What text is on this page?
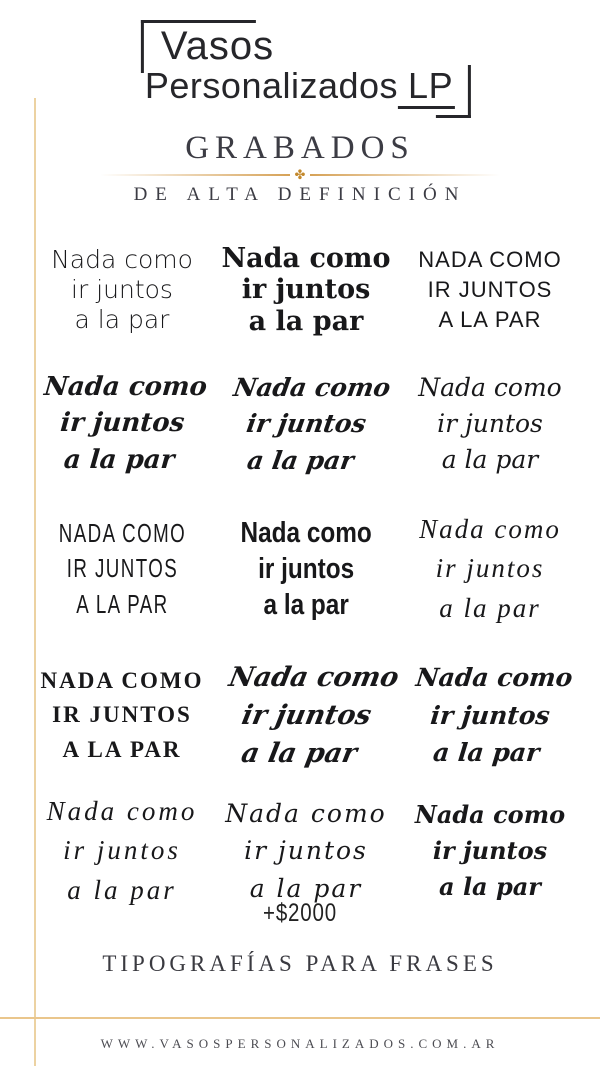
Vasos
Personalizados LP
GRABADOS
✤
DE ALTA DEFINICIÓN
Nada como
ir juntos
a la par
Nada como
ir juntos
a la par
NADA COMO
IR JUNTOS
A LA PAR
Nada como
ir juntos
a la par
Nada como
ir juntos
a la par
Nada como
ir juntos
a la par
NADA COMO
IR JUNTOS
A LA PAR
Nada como
ir juntos
a la par
Nada como
ir juntos
a la par
NADA COMO
IR JUNTOS
A LA PAR
Nada como
ir juntos
a la par
Nada como
ir juntos
a la par
Nada como
ir juntos
a la par
Nada como
ir juntos
a la par
Nada como
ir juntos
a la par
+$2000
TIPOGRAFÍAS PARA FRASES
WWW.VASOSPERSONALIZADOS.COM.AR
